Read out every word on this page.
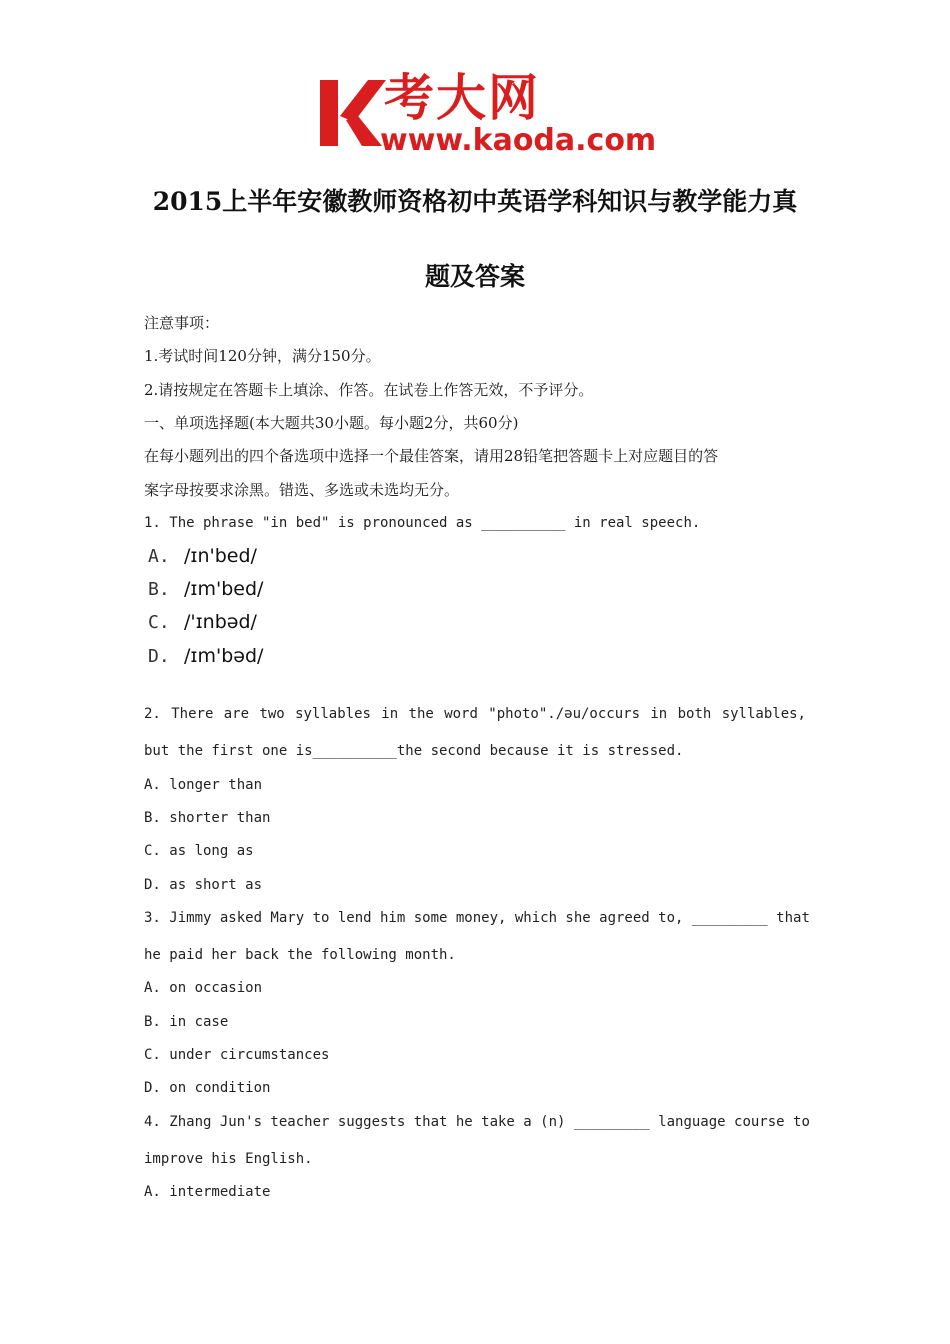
考大网
www.kaoda.com
2015上半年安徽教师资格初中英语学科知识与教学能力真
题及答案
注意事项：
1.考试时间120分钟，满分150分。
2.请按规定在答题卡上填涂、作答。在试卷上作答无效，不予评分。
一、单项选择题(本大题共30小题。每小题2分，共60分)
在每小题列出的四个备选项中选择一个最佳答案，请用28铅笔把答题卡上对应题目的答
案字母按要求涂黑。错选、多选或未选均无分。
1. The phrase "in bed" is pronounced as __________ in real speech.
A. /ɪn'bed/
B. /ɪm'bed/
C. /'ɪnbəd/
D. /ɪm'bəd/
2. There are two syllables in the word "photo"./əu/occurs in both syllables,
but the first one is__________the second because it is stressed.
A. longer than
B. shorter than
C. as long as
D. as short as
3. Jimmy asked Mary to lend him some money, which she agreed to, _________ that
he paid her back the following month.
A. on occasion
B. in case
C. under circumstances
D. on condition
4. Zhang Jun's teacher suggests that he take a (n) _________ language course to
improve his English.
A. intermediate
